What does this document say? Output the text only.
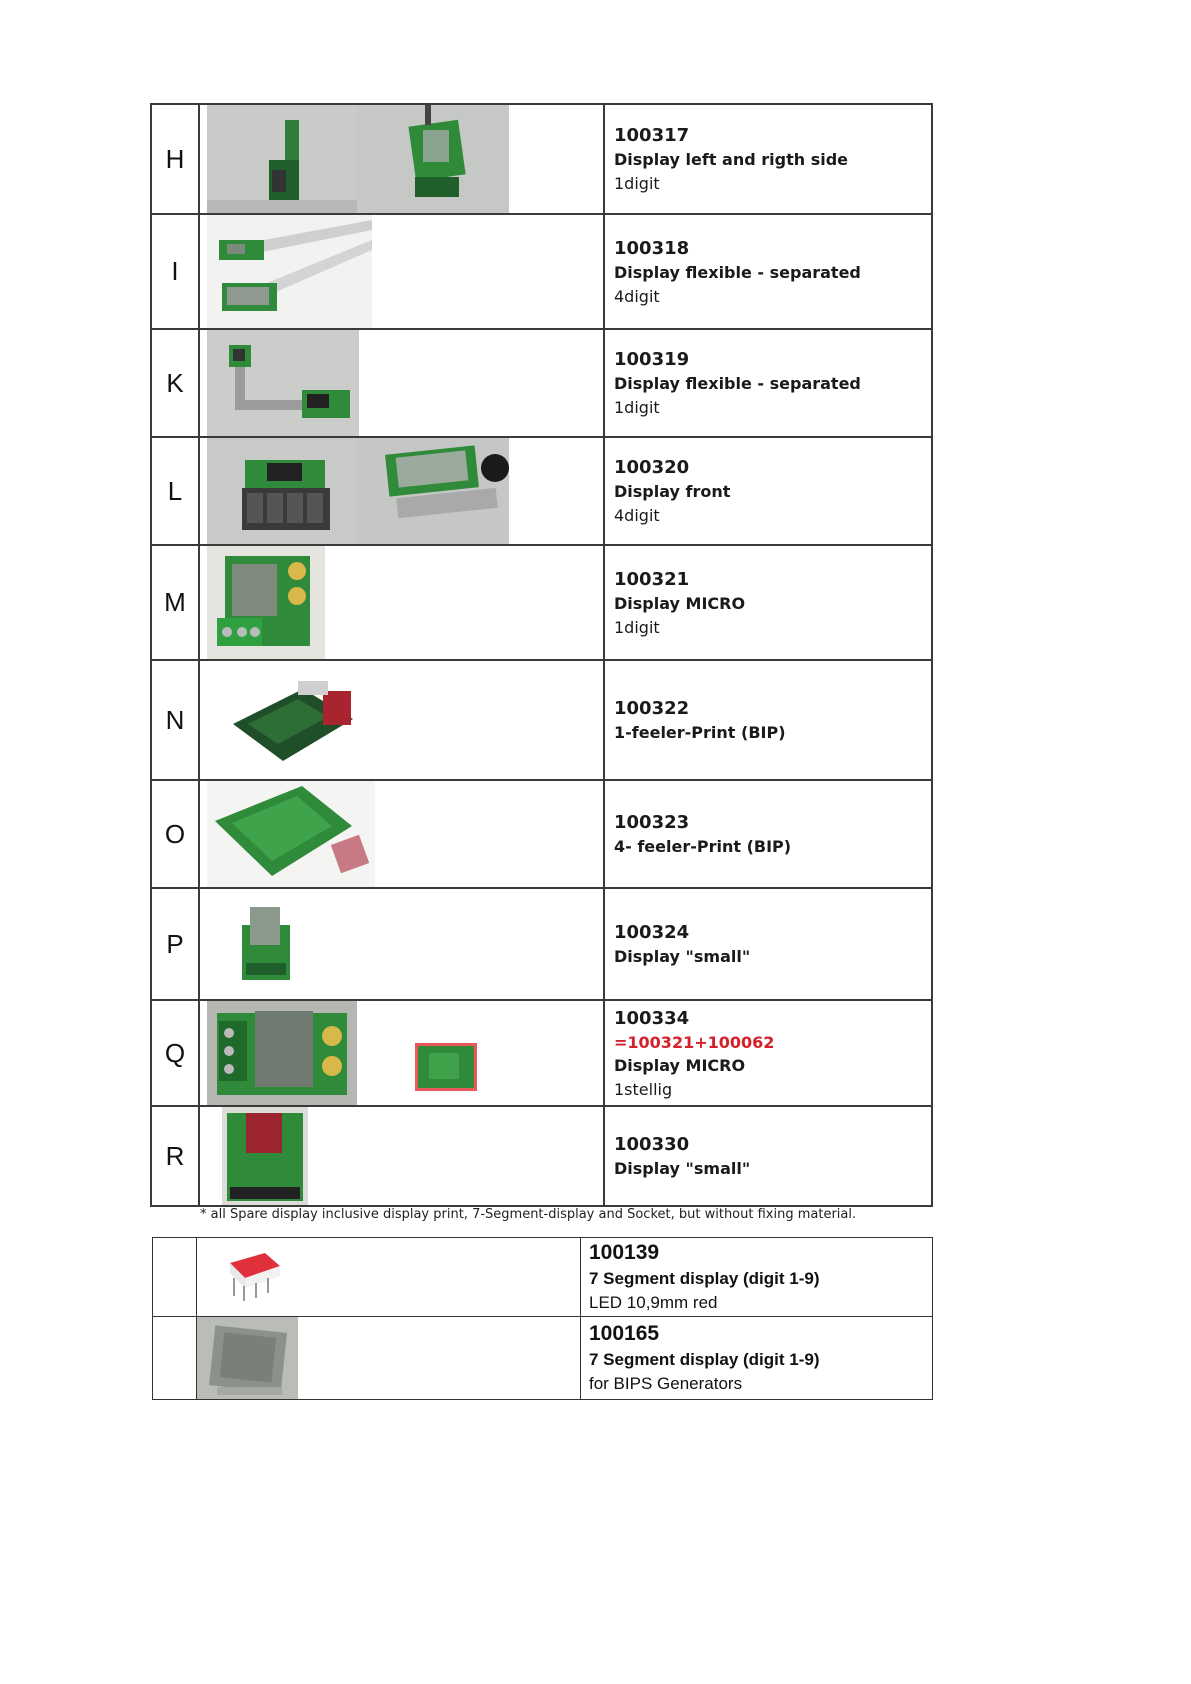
H		100317
Display left and rigth side
1digit

I		100318
Display flexible - separated
4digit

K		100319
Display flexible - separated
1digit

L		100320
Display front
4digit

M		100321
Display MICRO
1digit

N		100322
1-feeler-Print (BIP)

O		100323
4- feeler-Print (BIP)

P		100324
Display "small"

Q		100334
=100321+100062
Display MICRO
1stellig

R		100330
Display "small"
* all Spare display inclusive display print, 7-Segment-display and Socket, but without fixing material.

100139
7 Segment display (digit 1-9)
LED 10,9mm red

100165
7 Segment display (digit 1-9)
for BIPS Generators
